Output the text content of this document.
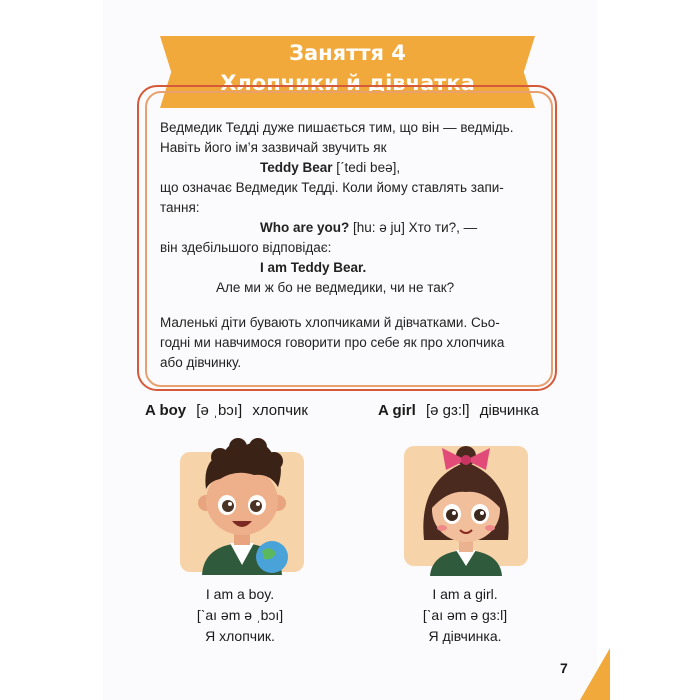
Заняття 4
Хлопчики й дівчатка
Ведмедик Тедді дуже пишається тим, що він — ведмідь.
Навіть його ім’я зазвичай звучить як
Teddy Bear [ˊtedi beə],
що означає Ведмедик Тедді. Коли йому ставлять запи-
тання:
Who are you? [hu: ə ju] Хто ти?, —
він здебільшого відповідає:
I am Teddy Bear.
Але ми ж бо не ведмедики, чи не так?
Маленькі діти бувають хлопчиками й дівчатками. Сьо-
годні ми навчимося говорити про себе як про хлопчика
або дівчинку.
A boy [ə ˌbɔı] хлопчик	A girl [ə gɜ:l] дівчинка
I am a boy.
[ˋaı əm ə ˌbɔı]
Я хлопчик.
I am a girl.
[ˋaı əm ə gɜ:l]
Я дівчинка.
7
